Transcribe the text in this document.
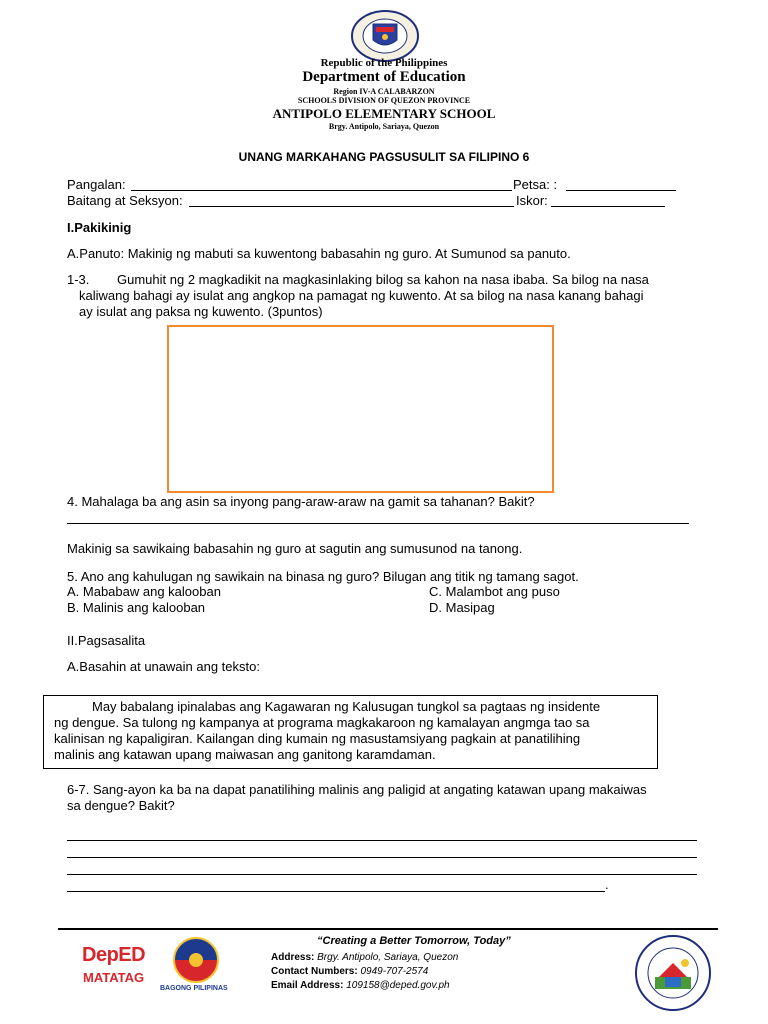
Republic of the Philippines
Department of Education
Region IV-A CALABARZON
SCHOOLS DIVISION OF QUEZON PROVINCE
ANTIPOLO ELEMENTARY SCHOOL
Brgy. Antipolo, Sariaya, Quezon
UNANG MARKAHANG PAGSUSULIT SA FILIPINO 6
Pangalan:	Petsa: :
Baitang at Seksyon:	Iskor:
I.Pakikinig
A.Panuto: Makinig ng mabuti sa kuwentong babasahin ng guro. At Sumunod sa panuto.
1-3. Gumuhit ng 2 magkadikit na magkasinlaking bilog sa kahon na nasa ibaba. Sa bilog na nasa
kaliwang bahagi ay isulat ang angkop na pamagat ng kuwento. At sa bilog na nasa kanang bahagi
ay isulat ang paksa ng kuwento. (3puntos)
4. Mahalaga ba ang asin sa inyong pang-araw-araw na gamit sa tahanan? Bakit?
Makinig sa sawikaing babasahin ng guro at sagutin ang sumusunod na tanong.
5. Ano ang kahulugan ng sawikain na binasa ng guro? Bilugan ang titik ng tamang sagot.
A. Mababaw ang kalooban	C. Malambot ang puso
B. Malinis ang kalooban	D. Masipag
II.Pagsasalita
A.Basahin at unawain ang teksto:
May babalang ipinalabas ang Kagawaran ng Kalusugan tungkol sa pagtaas ng insidente
ng dengue. Sa tulong ng kampanya at programa magkakaroon ng kamalayan angmga tao sa
kalinisan ng kapaligiran. Kailangan ding kumain ng masustamsiyang pagkain at panatilihing
malinis ang katawan upang maiwasan ang ganitong karamdaman.
6-7. Sang-ayon ka ba na dapat panatilihing malinis ang paligid at angating katawan upang makaiwas
sa dengue? Bakit?
.
DepED
MATATAG
BAGONG PILIPINAS
“Creating a Better Tomorrow, Today”
Address: Brgy. Antipolo, Sariaya, Quezon
Contact Numbers: 0949-707-2574
Email Address: 109158@deped.gov.ph
